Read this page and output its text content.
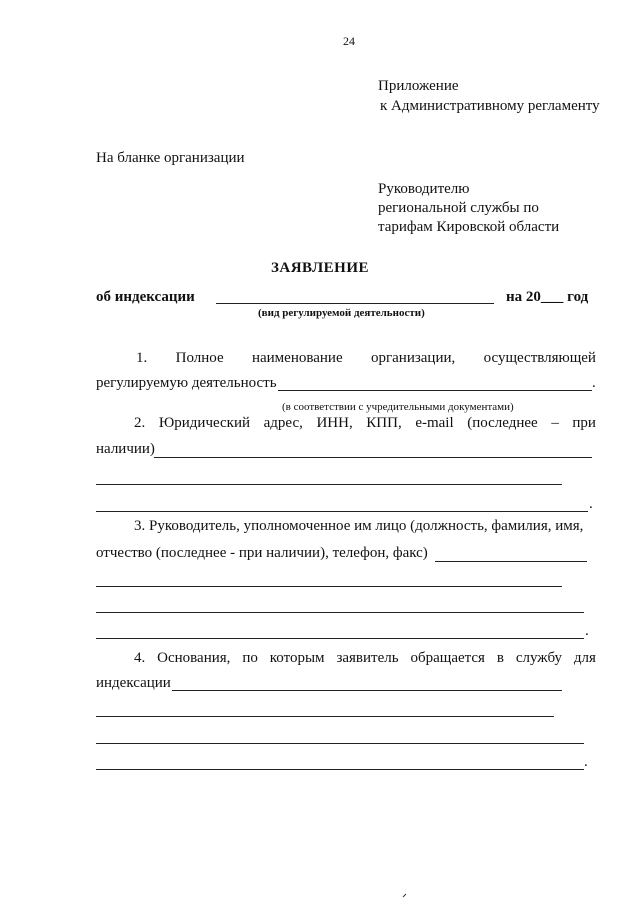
24
Приложение
к Административному регламенту
На бланке организации
Руководителю
региональной службы по
тарифам Кировской области
ЗАЯВЛЕНИЕ
об индексации	на 20___ год
(вид регулируемой деятельности)
1. Полное наименование организации, осуществляющей
регулируемую деятельность	.
(в соответствии с учредительными документами)
2. Юридический адрес, ИНН, КПП, e-mail (последнее – при
наличии)
.
3. Руководитель, уполномоченное им лицо (должность, фамилия, имя,
отчество (последнее - при наличии), телефон, факс)
.
4. Основания, по которым заявитель обращается в службу для
индексации
.
